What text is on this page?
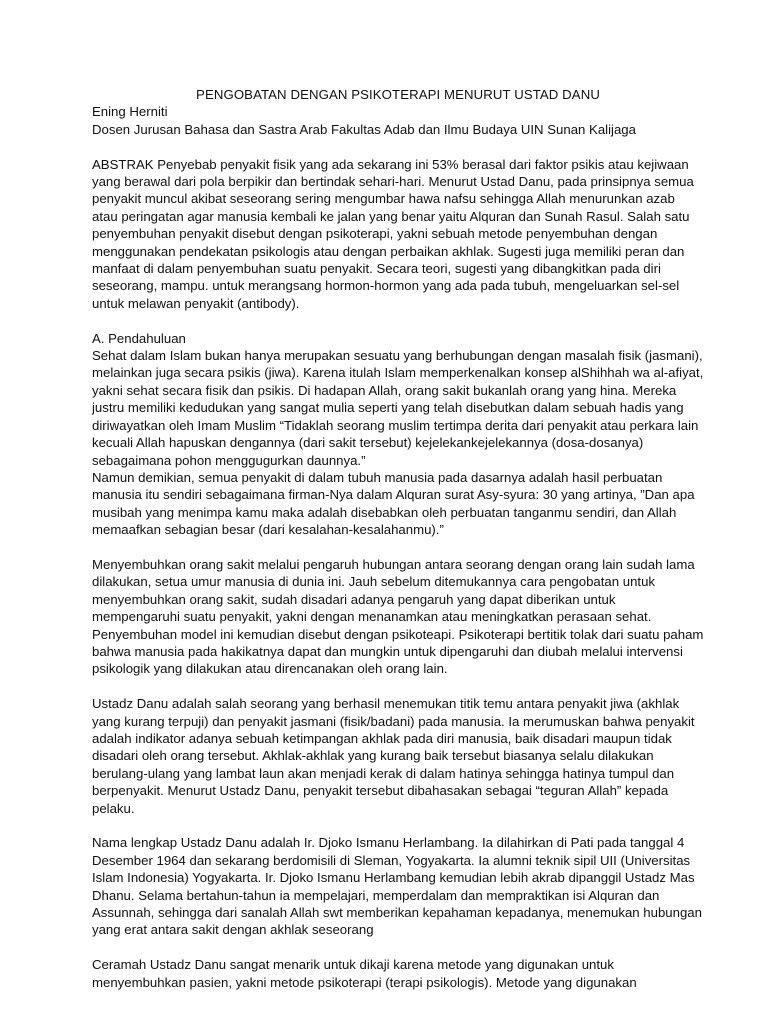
PENGOBATAN DENGAN PSIKOTERAPI MENURUT USTAD DANU

Ening Herniti

Dosen Jurusan Bahasa dan Sastra Arab Fakultas Adab dan Ilmu Budaya UIN Sunan Kalijaga

ABSTRAK Penyebab penyakit fisik yang ada sekarang ini 53% berasal dari faktor psikis atau kejiwaan yang berawal dari pola berpikir dan bertindak sehari-hari. Menurut Ustad Danu, pada prinsipnya semua penyakit muncul akibat seseorang sering mengumbar hawa nafsu sehingga Allah menurunkan azab atau peringatan agar manusia kembali ke jalan yang benar yaitu Alquran dan Sunah Rasul. Salah satu penyembuhan penyakit disebut dengan psikoterapi, yakni sebuah metode penyembuhan dengan menggunakan pendekatan psikologis atau dengan perbaikan akhlak. Sugesti juga memiliki peran dan manfaat di dalam penyembuhan suatu penyakit. Secara teori, sugesti yang dibangkitkan pada diri seseorang, mampu. untuk merangsang hormon-hormon yang ada pada tubuh, mengeluarkan sel-sel untuk melawan penyakit (antibody).

A. Pendahuluan

Sehat dalam Islam bukan hanya merupakan sesuatu yang berhubungan dengan masalah fisik (jasmani), melainkan juga secara psikis (jiwa). Karena itulah Islam memperkenalkan konsep alShihhah wa al-afiyat, yakni sehat secara fisik dan psikis. Di hadapan Allah, orang sakit bukanlah orang yang hina. Mereka justru memiliki kedudukan yang sangat mulia seperti yang telah disebutkan dalam sebuah hadis yang diriwayatkan oleh Imam Muslim “Tidaklah seorang muslim tertimpa derita dari penyakit atau perkara lain kecuali Allah hapuskan dengannya (dari sakit tersebut) kejelekankejelekannya (dosa-dosanya) sebagaimana pohon menggugurkan daunnya.”

Namun demikian, semua penyakit di dalam tubuh manusia pada dasarnya adalah hasil perbuatan manusia itu sendiri sebagaimana firman-Nya dalam Alquran surat Asy-syura: 30 yang artinya, ”Dan apa musibah yang menimpa kamu maka adalah disebabkan oleh perbuatan tanganmu sendiri, dan Allah memaafkan sebagian besar (dari kesalahan-kesalahanmu).”

Menyembuhkan orang sakit melalui pengaruh hubungan antara seorang dengan orang lain sudah lama dilakukan, setua umur manusia di dunia ini. Jauh sebelum ditemukannya cara pengobatan untuk menyembuhkan orang sakit, sudah disadari adanya pengaruh yang dapat diberikan untuk mempengaruhi suatu penyakit, yakni dengan menanamkan atau meningkatkan perasaan sehat. Penyembuhan model ini kemudian disebut dengan psikoteapi. Psikoterapi bertitik tolak dari suatu paham bahwa manusia pada hakikatnya dapat dan mungkin untuk dipengaruhi dan diubah melalui intervensi psikologik yang dilakukan atau direncanakan oleh orang lain.

Ustadz Danu adalah salah seorang yang berhasil menemukan titik temu antara penyakit jiwa (akhlak yang kurang terpuji) dan penyakit jasmani (fisik/badani) pada manusia. Ia merumuskan bahwa penyakit adalah indikator adanya sebuah ketimpangan akhlak pada diri manusia, baik disadari maupun tidak disadari oleh orang tersebut. Akhlak-akhlak yang kurang baik tersebut biasanya selalu dilakukan berulang-ulang yang lambat laun akan menjadi kerak di dalam hatinya sehingga hatinya tumpul dan berpenyakit. Menurut Ustadz Danu, penyakit tersebut dibahasakan sebagai “teguran Allah” kepada pelaku.

Nama lengkap Ustadz Danu adalah Ir. Djoko Ismanu Herlambang. Ia dilahirkan di Pati pada tanggal 4 Desember 1964 dan sekarang berdomisili di Sleman, Yogyakarta. Ia alumni teknik sipil UII (Universitas Islam Indonesia) Yogyakarta. Ir. Djoko Ismanu Herlambang kemudian lebih akrab dipanggil Ustadz Mas Dhanu. Selama bertahun-tahun ia mempelajari, memperdalam dan mempraktikan isi Alquran dan Assunnah, sehingga dari sanalah Allah swt memberikan kepahaman kepadanya, menemukan hubungan yang erat antara sakit dengan akhlak seseorang

Ceramah Ustadz Danu sangat menarik untuk dikaji karena metode yang digunakan untuk menyembuhkan pasien, yakni metode psikoterapi (terapi psikologis). Metode yang digunakan
